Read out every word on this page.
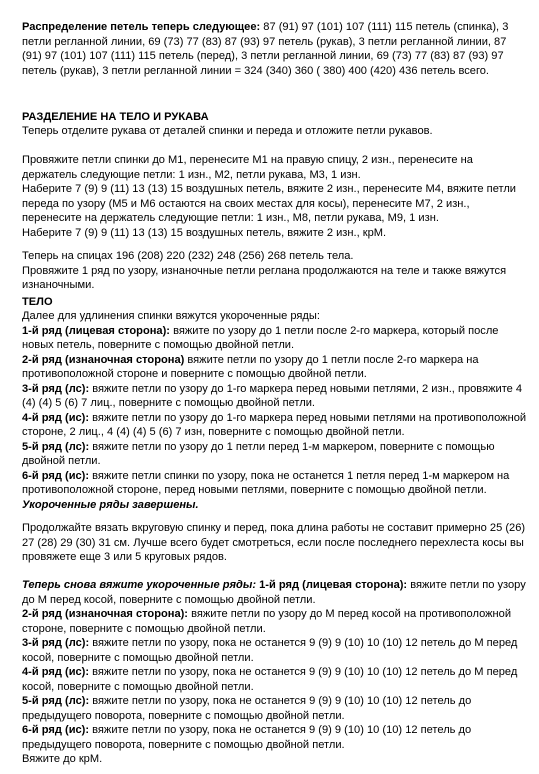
Распределение петель теперь следующее: 87 (91) 97 (101) 107 (111) 115 петель (спинка), 3 петли регланной линии, 69 (73) 77 (83) 87 (93) 97 петель (рукав), 3 петли регланной линии, 87 (91) 97 (101) 107 (111) 115 петель (перед), 3 петли регланной линии, 69 (73) 77 (83) 87 (93) 97 петель (рукав), 3 петли регланной линии = 324 (340) 360 ( 380) 400 (420) 436 петель всего.

РАЗДЕЛЕНИЕ НА ТЕЛО И РУКАВА

Теперь отделите рукава от деталей спинки и переда и отложите петли рукавов.

Провяжите петли спинки до М1, перенесите М1 на правую спицу, 2 изн., перенесите на держатель следующие петли: 1 изн., М2, петли рукава, М3, 1 изн.
Наберите 7 (9) 9 (11) 13 (13) 15 воздушных петель, вяжите 2 изн., перенесите М4, вяжите петли переда по узору (М5 и М6 остаются на своих местах для косы), перенесите М7, 2 изн., перенесите на держатель следующие петли: 1 изн., М8, петли рукава, М9, 1 изн.
Наберите 7 (9) 9 (11) 13 (13) 15 воздушных петель, вяжите 2 изн., крМ.

Теперь на спицах 196 (208) 220 (232) 248 (256) 268 петель тела.
Провяжите 1 ряд по узору, изнаночные петли реглана продолжаются на теле и также вяжутся изнаночными.

ТЕЛО

Далее для удлинения спинки вяжутся укороченные ряды:
1-й ряд (лицевая сторона): вяжите по узору до 1 петли после 2-го маркера, который после новых петель, поверните с помощью двойной петли.
2-й ряд (изнаночная сторона) вяжите петли по узору до 1 петли после 2-го маркера на противоположной стороне и поверните с помощью двойной петли.
3-й ряд (лс): вяжите петли по узору до 1-го маркера перед новыми петлями, 2 изн., провяжите 4 (4) (4) 5 (6) 7 лиц., поверните с помощью двойной петли.
4-й ряд (ис): вяжите петли по узору до 1-го маркера перед новыми петлями на противоположной стороне, 2 лиц., 4 (4) (4) 5 (6) 7 изн, поверните с помощью двойной петли.
5-й ряд (лс): вяжите петли по узору до 1 петли перед 1-м маркером, поверните с помощью двойной петли.
6-й ряд (ис): вяжите петли спинки по узору, пока не останется 1 петля перед 1-м маркером на противоположной стороне, перед новыми петлями, поверните с помощью двойной петли.
Укороченные ряды завершены.

Продолжайте вязать вкруговую спинку и перед, пока длина работы не составит примерно 25 (26) 27 (28) 29 (30) 31 см. Лучше всего будет смотреться, если после последнего перехлеста косы вы провяжете еще 3 или 5 круговых рядов.

Теперь снова вяжите укороченные ряды: 1-й ряд (лицевая сторона): вяжите петли по узору до М перед косой, поверните с помощью двойной петли.
2-й ряд (изнаночная сторона): вяжите петли по узору до М перед косой на противоположной стороне, поверните с помощью двойной петли.
3-й ряд (лс): вяжите петли по узору, пока не останется 9 (9) 9 (10) 10 (10) 12 петель до М перед косой, поверните с помощью двойной петли.
4-й ряд (ис): вяжите петли по узору, пока не останется 9 (9) 9 (10) 10 (10) 12 петель до М перед косой, поверните с помощью двойной петли.
5-й ряд (лс): вяжите петли по узору, пока не останется 9 (9) 9 (10) 10 (10) 12 петель до предыдущего поворота, поверните с помощью двойной петли.
6-й ряд (ис): вяжите петли по узору, пока не останется 9 (9) 9 (10) 10 (10) 12 петель до предыдущего поворота, поверните с помощью двойной петли.
Вяжите до крМ.
